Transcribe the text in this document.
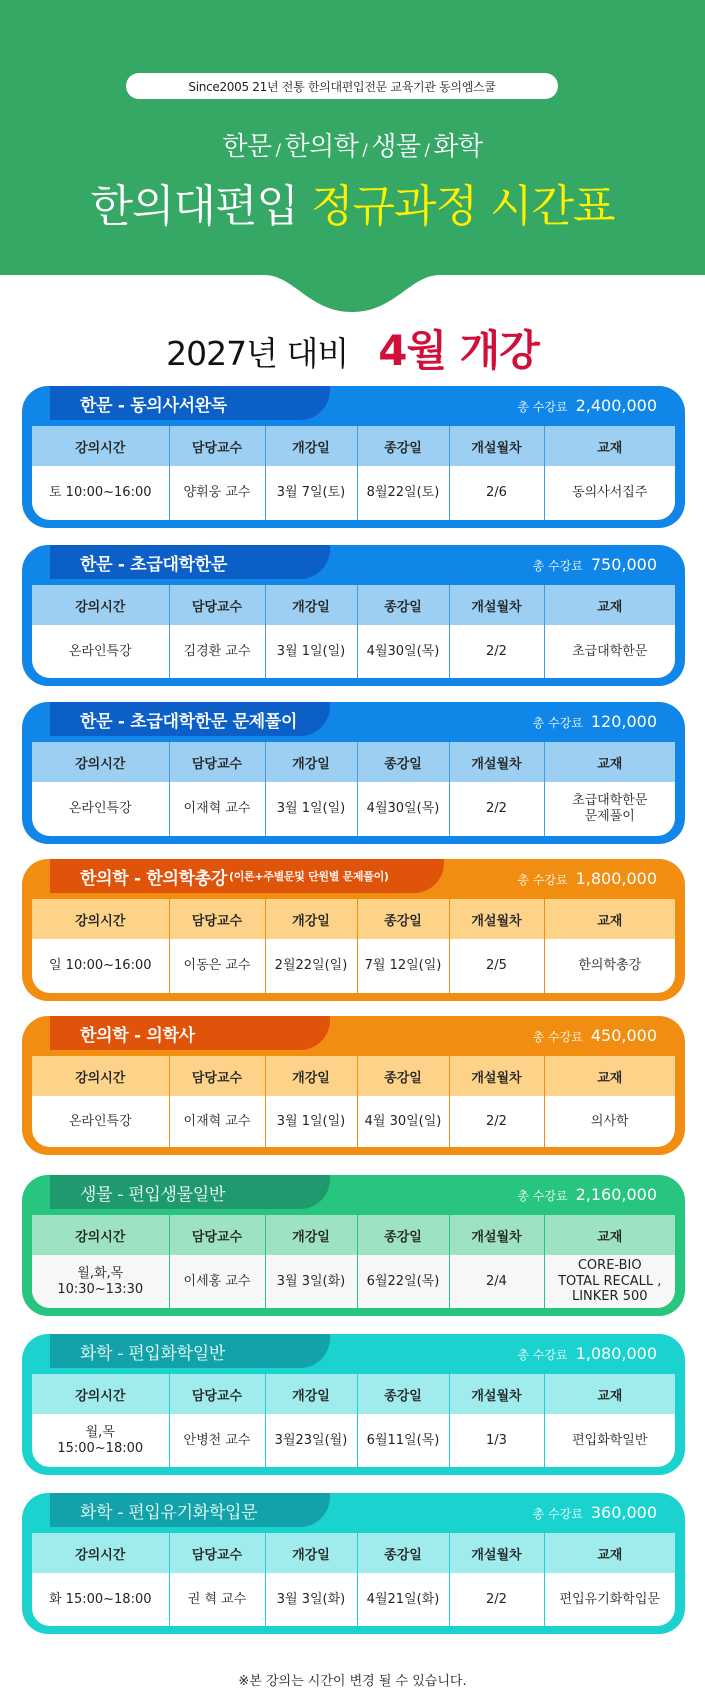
Since2005 21년 전통 한의대편입전문 교육기관 동의엠스쿨
한문 / 한의학 / 생물 / 화학
한의대편입 정규과정 시간표
2027년 대비 4월 개강
한문 - 동의사서완독	총 수강료 2,400,000
강의시간	담당교수	개강일	종강일	개설월차	교재
토 10:00~16:00	양휘웅 교수	3월 7일(토)	8월22일(토)	2/6	동의사서집주
한문 - 초급대학한문	총 수강료 750,000
강의시간	담당교수	개강일	종강일	개설월차	교재
온라인특강	김경환 교수	3월 1일(일)	4월30일(목)	2/2	초급대학한문
한문 - 초급대학한문 문제풀이	총 수강료 120,000
강의시간	담당교수	개강일	종강일	개설월차	교재
온라인특강	이재혁 교수	3월 1일(일)	4월30일(목)	2/2	초급대학한문
문제풀이
한의학 - 한의학총강 (이론+주별문및 단원별 문제풀이)	총 수강료 1,800,000
강의시간	담당교수	개강일	종강일	개설월차	교재
일 10:00~16:00	이동은 교수	2월22일(일)	7월 12일(일)	2/5	한의학총강
한의학 - 의학사	총 수강료 450,000
강의시간	담당교수	개강일	종강일	개설월차	교재
온라인특강	이재혁 교수	3월 1일(일)	4월 30일(일)	2/2	의사학
생물 - 편입생물일반	총 수강료 2,160,000
강의시간	담당교수	개강일	종강일	개설월차	교재
월,화,목
10:30~13:30	이세홍 교수	3월 3일(화)	6월22일(목)	2/4	CORE-BIO
TOTAL RECALL ,
LINKER 500
화학 - 편입화학일반	총 수강료 1,080,000
강의시간	담당교수	개강일	종강일	개설월차	교재
월,목
15:00~18:00	안병천 교수	3월23일(월)	6월11일(목)	1/3	편입화학일반
화학 - 편입유기화학입문	총 수강료 360,000
강의시간	담당교수	개강일	종강일	개설월차	교재
화 15:00~18:00	권 혁 교수	3월 3일(화)	4월21일(화)	2/2	편입유기화학입문
※본 강의는 시간이 변경 될 수 있습니다.
